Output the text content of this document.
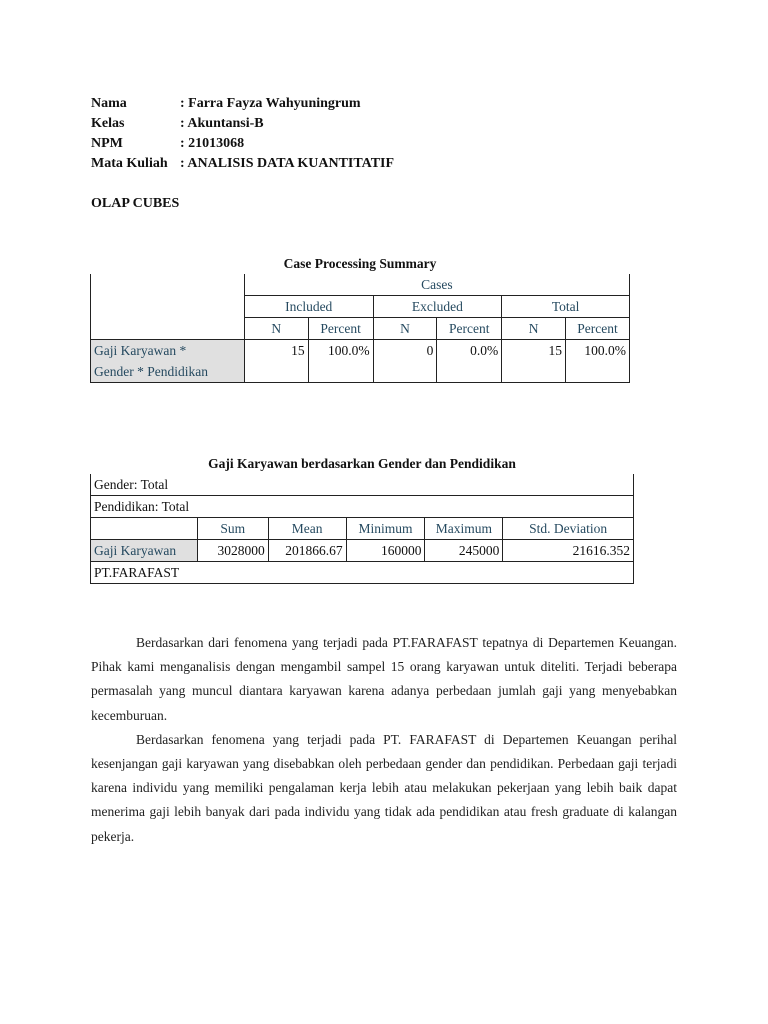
Nama	: Farra Fayza Wahyuningrum
Kelas	: Akuntansi-B
NPM	: 21013068
Mata Kuliah : ANALISIS DATA KUANTITATIF
OLAP CUBES
Case Processing Summary
	Cases					
	Included		Excluded		Total	
	N	Percent	N	Percent	N	Percent
Gaji Karyawan *	15	100.0%	0	0.0%	15	100.0%
Gender * Pendidikan						
Gaji Karyawan berdasarkan Gender dan Pendidikan
Gender: Total					
Pendidikan: Total					
	Sum	Mean	Minimum	Maximum	Std. Deviation
Gaji Karyawan	3028000	201866.67	160000	245000	21616.352
PT.FARAFAST					

Berdasarkan dari fenomena yang terjadi pada PT.FARAFAST tepatnya di Departemen Keuangan. Pihak kami menganalisis dengan mengambil sampel 15 orang karyawan untuk diteliti. Terjadi beberapa permasalah yang muncul diantara karyawan karena adanya perbedaan jumlah gaji yang menyebabkan kecemburuan.

Berdasarkan fenomena yang terjadi pada PT. FARAFAST di Departemen Keuangan perihal kesenjangan gaji karyawan yang disebabkan oleh perbedaan gender dan pendidikan. Perbedaan gaji terjadi karena individu yang memiliki pengalaman kerja lebih atau melakukan pekerjaan yang lebih baik dapat menerima gaji lebih banyak dari pada individu yang tidak ada pendidikan atau fresh graduate di kalangan pekerja.
